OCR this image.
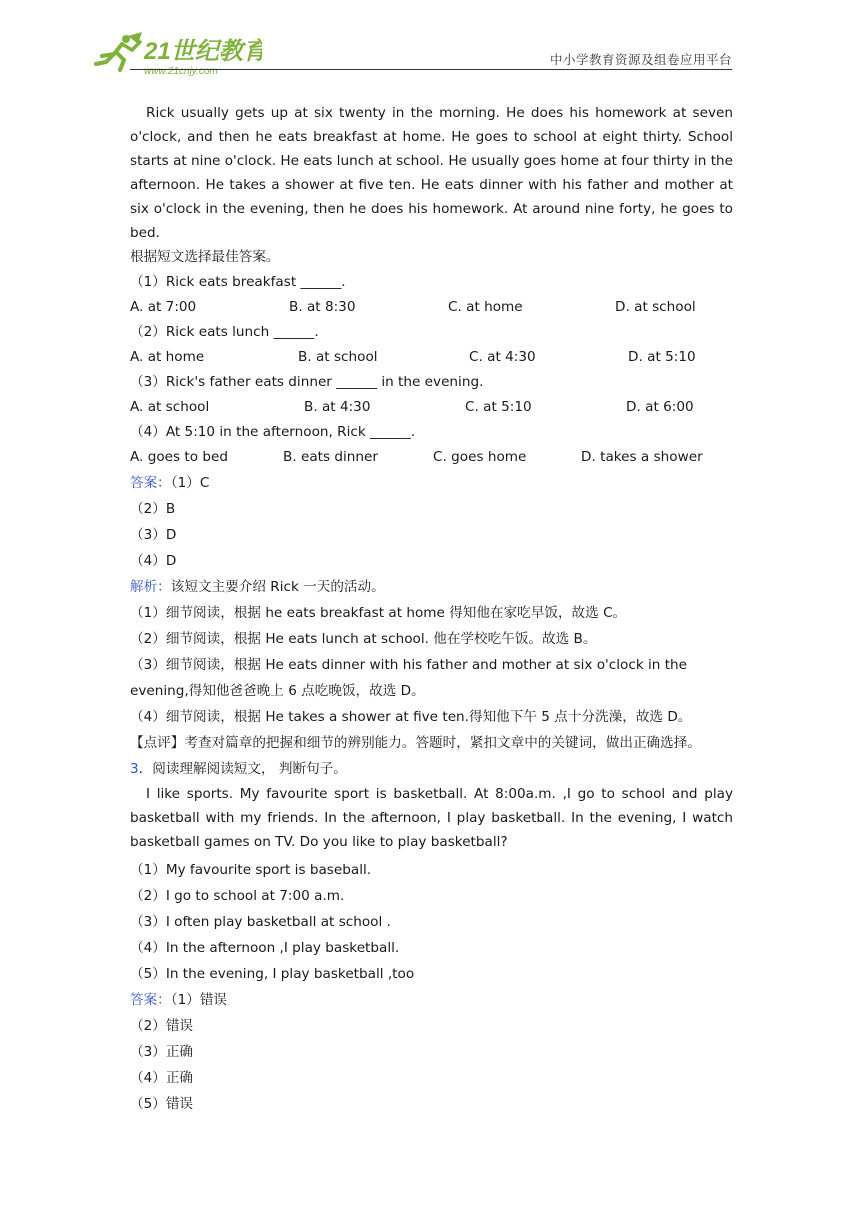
21世纪教育
www.21cnjy.com
中小学教育资源及组卷应用平台

Rick usually gets up at six twenty in the morning. He does his homework at seven o'clock, and then he eats breakfast at home. He goes to school at eight thirty. School starts at nine o'clock. He eats lunch at school. He usually goes home at four thirty in the afternoon. He takes a shower at five ten. He eats dinner with his father and mother at six o'clock in the evening, then he does his homework. At around nine forty, he goes to bed.

根据短文选择最佳答案。
（1）Rick eats breakfast ______.
A. at 7:00	B. at 8:30	C. at home	D. at school
（2）Rick eats lunch ______.
A. at home	B. at school	C. at 4:30	D. at 5:10
（3）Rick's father eats dinner ______ in the evening.
A. at school	B. at 4:30	C. at 5:10	D. at 6:00
（4）At 5:10 in the afternoon, Rick ______.
A. goes to bed	B. eats dinner	C. goes home	D. takes a shower
答案：（1）C
（2）B
（3）D
（4）D
解析：该短文主要介绍 Rick 一天的活动。
（1）细节阅读，根据 he eats breakfast at home 得知他在家吃早饭，故选 C。
（2）细节阅读，根据 He eats lunch at school. 他在学校吃午饭。故选 B。
（3）细节阅读，根据 He eats dinner with his father and mother at six o'clock in the evening,得知他爸爸晚上 6 点吃晚饭，故选 D。
（4）细节阅读，根据 He takes a shower at five ten.得知他下午 5 点十分洗澡，故选 D。
【点评】考查对篇章的把握和细节的辨别能力。答题时，紧扣文章中的关键词，做出正确选择。
3．阅读理解阅读短文， 判断句子。

I like sports. My favourite sport is basketball. At 8:00a.m. ,I go to school and play basketball with my friends. In the afternoon, I play basketball. In the evening, I watch basketball games on TV. Do you like to play basketball?

（1）My favourite sport is baseball.
（2）I go to school at 7:00 a.m.
（3）I often play basketball at school .
（4）In the afternoon ,I play basketball.
（5）In the evening, I play basketball ,too
答案：（1）错误
（2）错误
（3）正确
（4）正确
（5）错误
